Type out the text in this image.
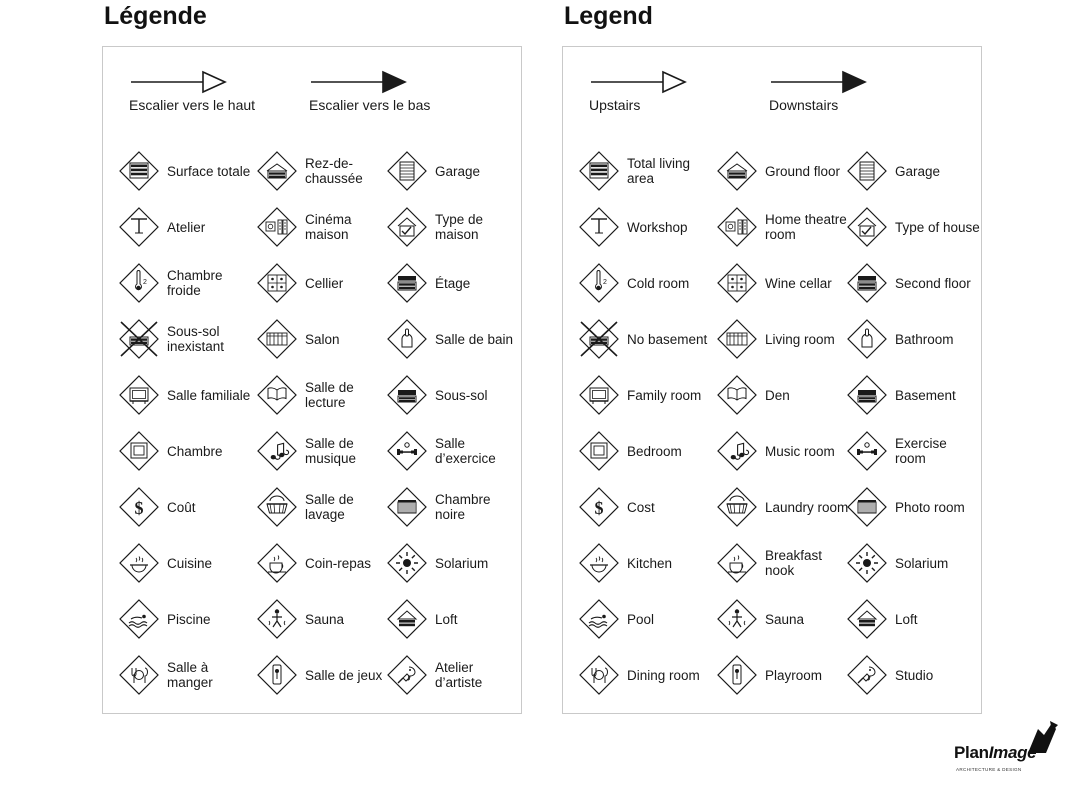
Escalier vers le haut	Escalier vers le bas
Surface totale
Atelier
2 Chambre froide
Sous-sol inexistant
Salle familiale
Chambre
$ Coût
Cuisine
Piscine
Salle à manger
Rez-de-chaussée
Cinéma maison
Cellier
Salon
Salle de lecture
Salle de musique
Salle de lavage
Coin-repas
Sauna
Salle de jeux
Garage
Type de maison
Étage
Salle de bain
Sous-sol
Salle d’exercice
Chambre noire
Solarium
Loft
Atelier d’artiste
Upstairs	Downstairs
Total living area
Workshop
2 Cold room
No basement
Family room
Bedroom
$ Cost
Kitchen
Pool
Dining room
Ground floor
Home theatre room
Wine cellar
Living room
Den
Music room
Laundry room
Breakfast nook
Sauna
Playroom
Garage
Type of house
Second floor
Bathroom
Basement
Exercise room
Photo room
Solarium
Loft
Studio
Légende	Legend
PlanImage
ARCHITECTURE & DESIGN
